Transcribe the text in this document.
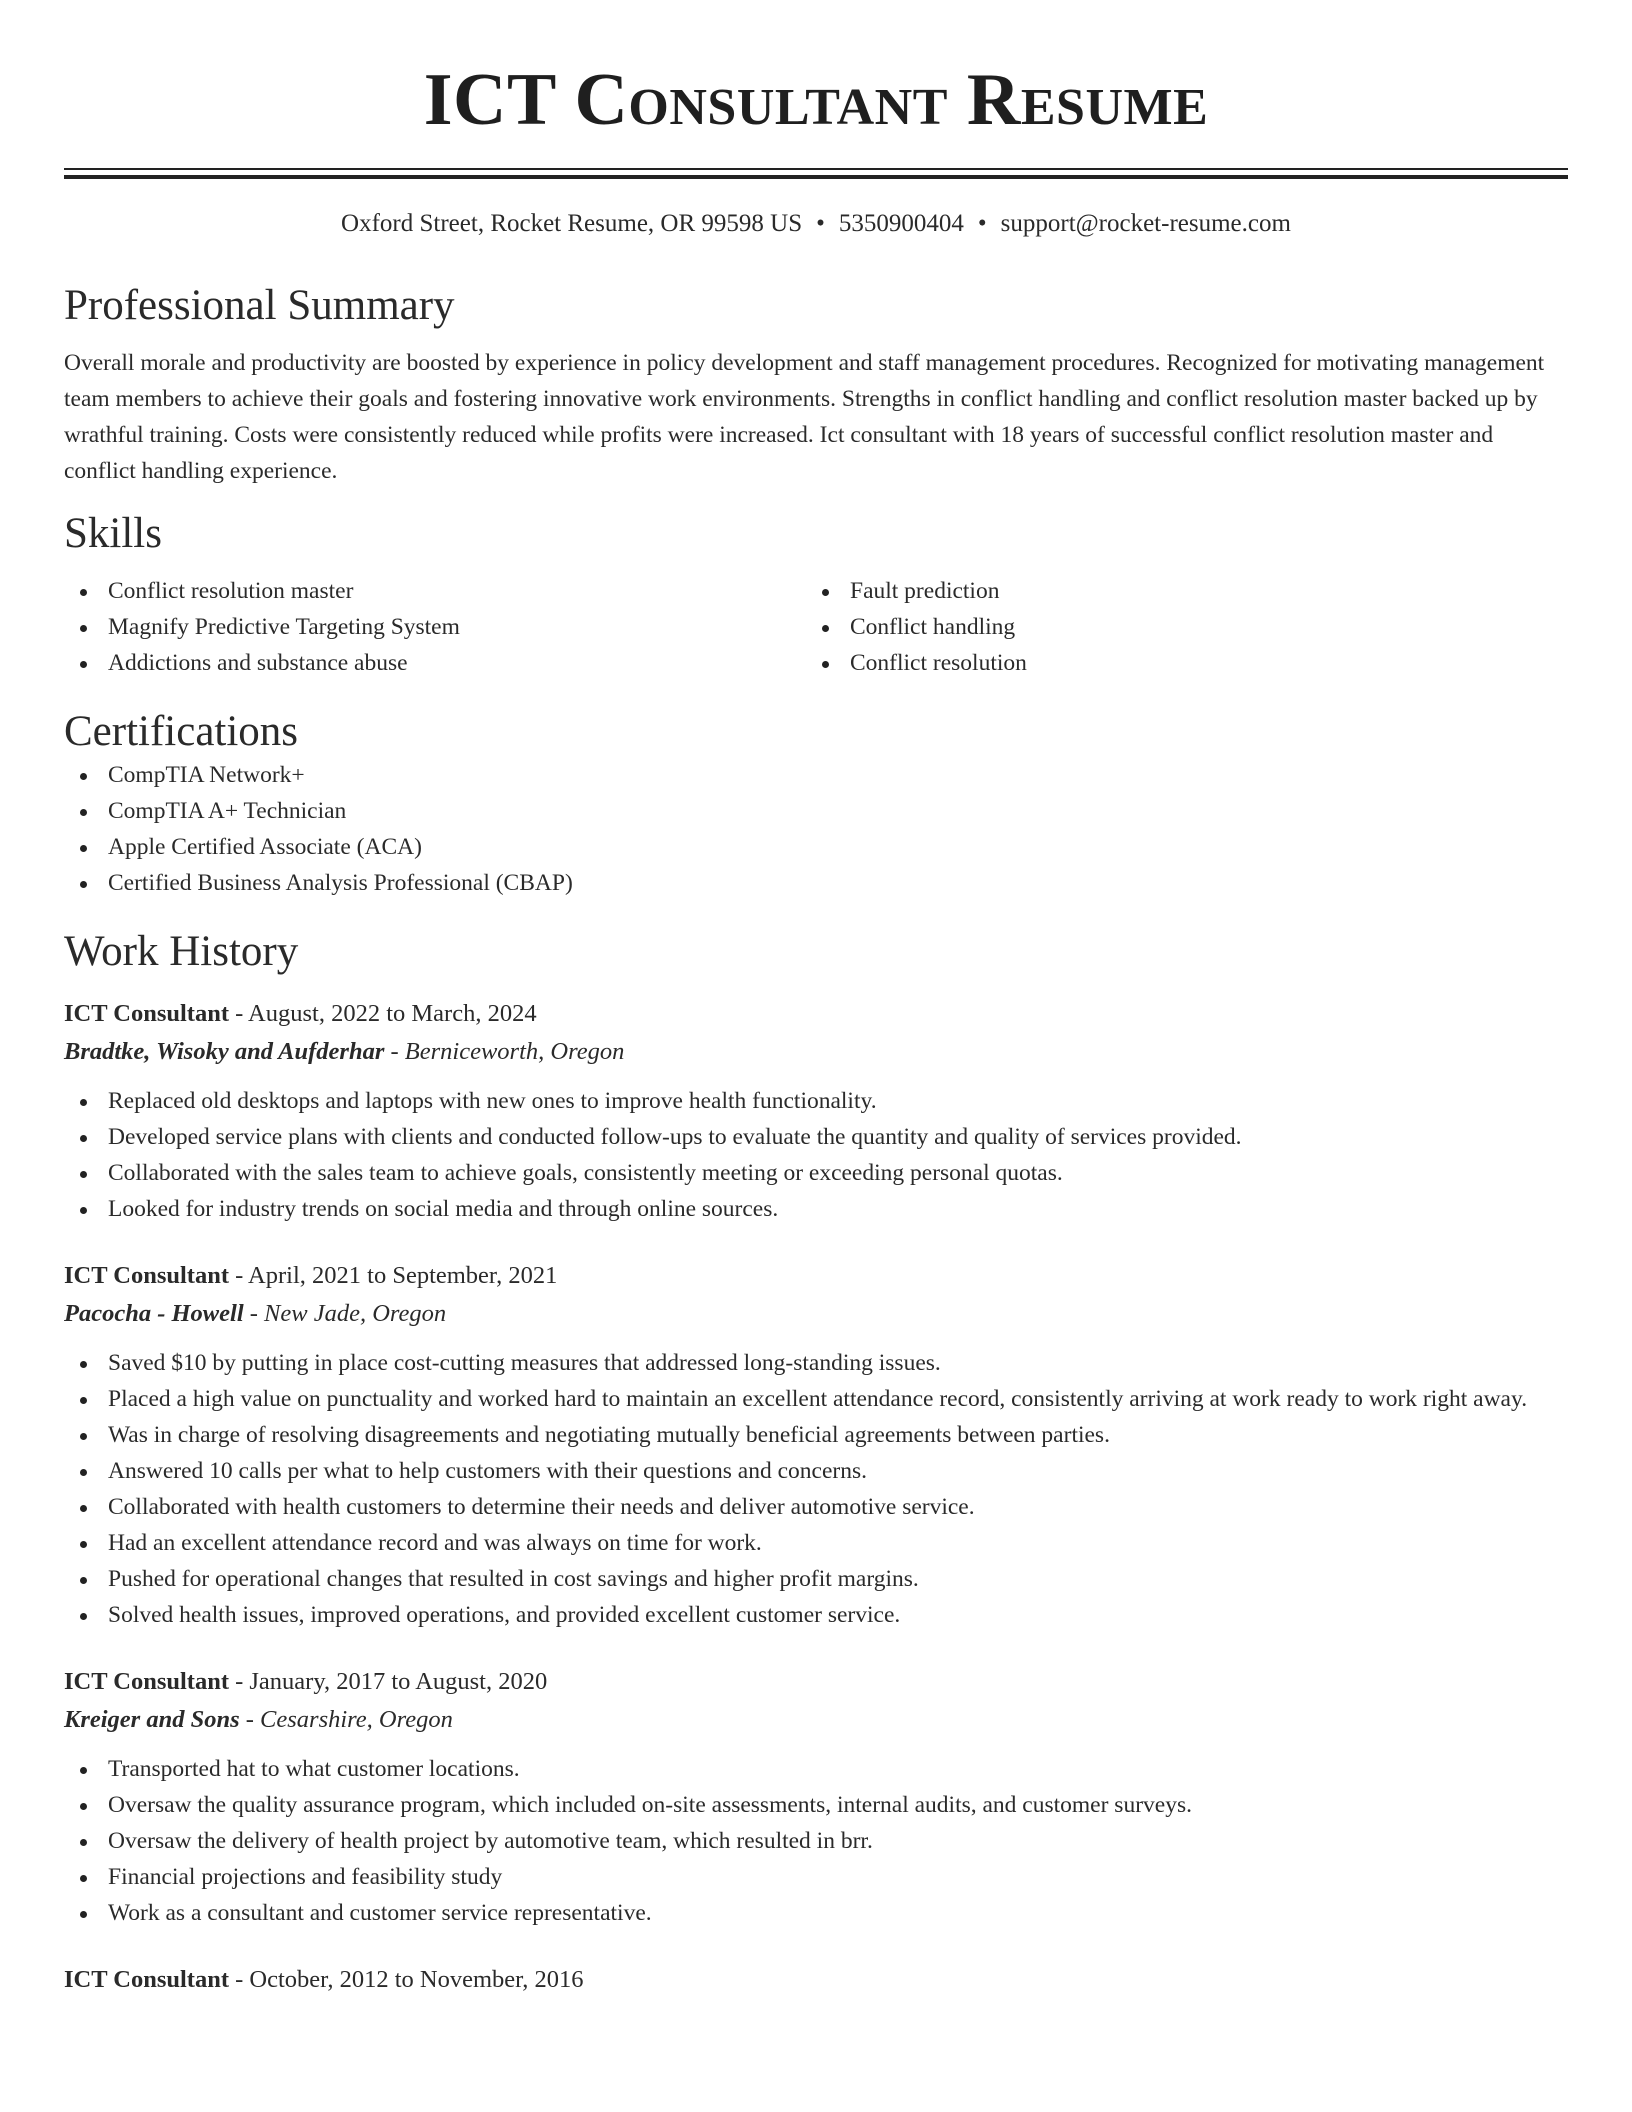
ICT Consultant Resume
Oxford Street, Rocket Resume, OR 99598 US • 5350900404 • support@rocket-resume.com
Professional Summary

Overall morale and productivity are boosted by experience in policy development and staff management procedures. Recognized for motivating management team members to achieve their goals and fostering innovative work environments. Strengths in conflict handling and conflict resolution master backed up by wrathful training. Costs were consistently reduced while profits were increased. Ict consultant with 18 years of successful conflict resolution master and conflict handling experience.

Skills
Conflict resolution master
Magnify Predictive Targeting System
Addictions and substance abuse
Fault prediction
Conflict handling
Conflict resolution
Certifications
CompTIA Network+
CompTIA A+ Technician
Apple Certified Associate (ACA)
Certified Business Analysis Professional (CBAP)
Work History
ICT Consultant - August, 2022 to March, 2024
Bradtke, Wisoky and Aufderhar - Berniceworth, Oregon
Replaced old desktops and laptops with new ones to improve health functionality.
Developed service plans with clients and conducted follow-ups to evaluate the quantity and quality of services provided.
Collaborated with the sales team to achieve goals, consistently meeting or exceeding personal quotas.
Looked for industry trends on social media and through online sources.
ICT Consultant - April, 2021 to September, 2021
Pacocha - Howell - New Jade, Oregon
Saved $10 by putting in place cost-cutting measures that addressed long-standing issues.
Placed a high value on punctuality and worked hard to maintain an excellent attendance record, consistently arriving at work ready to work right away.
Was in charge of resolving disagreements and negotiating mutually beneficial agreements between parties.
Answered 10 calls per what to help customers with their questions and concerns.
Collaborated with health customers to determine their needs and deliver automotive service.
Had an excellent attendance record and was always on time for work.
Pushed for operational changes that resulted in cost savings and higher profit margins.
Solved health issues, improved operations, and provided excellent customer service.
ICT Consultant - January, 2017 to August, 2020
Kreiger and Sons - Cesarshire, Oregon
Transported hat to what customer locations.
Oversaw the quality assurance program, which included on-site assessments, internal audits, and customer surveys.
Oversaw the delivery of health project by automotive team, which resulted in brr.
Financial projections and feasibility study
Work as a consultant and customer service representative.
ICT Consultant - October, 2012 to November, 2016
